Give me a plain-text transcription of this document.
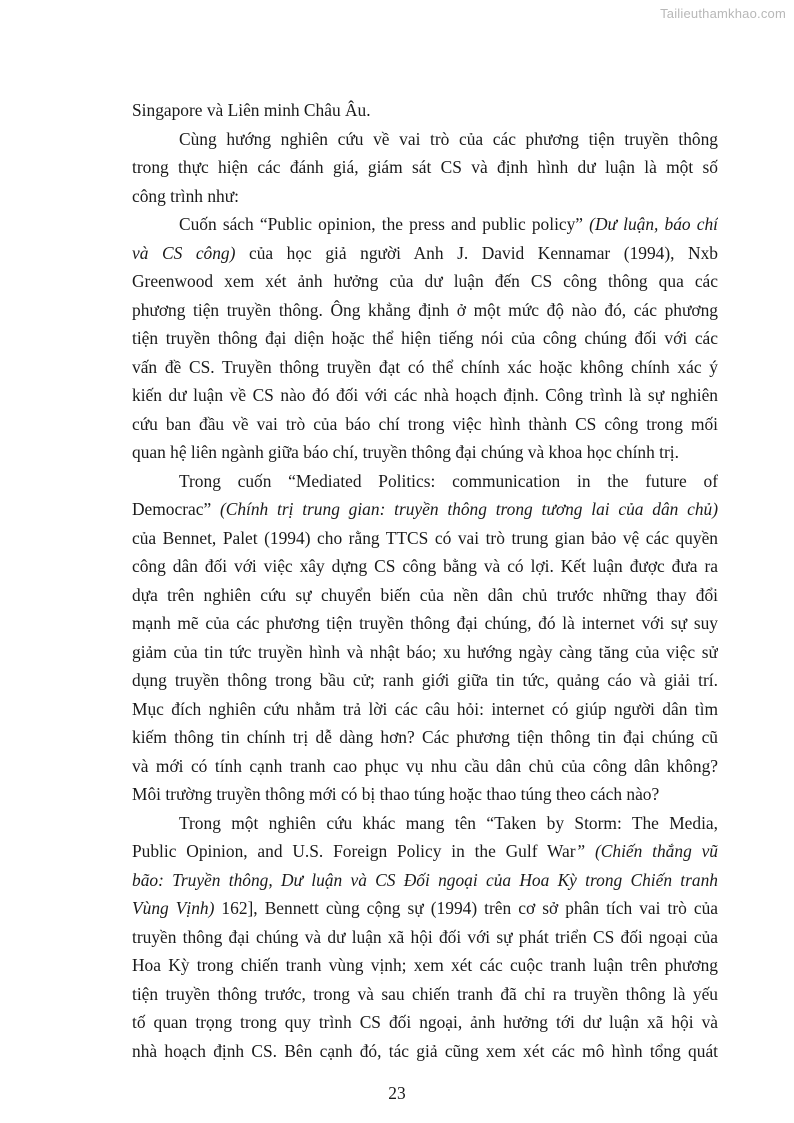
Tailieuthamkhao.com
Singapore và Liên minh Châu Âu.
Cùng hướng nghiên cứu về vai trò của các phương tiện truyền thông
trong thực hiện các đánh giá, giám sát CS và định hình dư luận là một số
công trình như:
Cuốn sách “Public opinion, the press and public policy” (Dư luận, báo chí
và CS công) của học giả người Anh J. David Kennamar (1994), Nxb
Greenwood xem xét ảnh hưởng của dư luận đến CS công thông qua các
phương tiện truyền thông. Ông khẳng định ở một mức độ nào đó, các phương
tiện truyền thông đại diện hoặc thể hiện tiếng nói của công chúng đối với các
vấn đề CS. Truyền thông truyền đạt có thể chính xác hoặc không chính xác ý
kiến dư luận về CS nào đó đối với các nhà hoạch định. Công trình là sự nghiên
cứu ban đầu về vai trò của báo chí trong việc hình thành CS công trong mối
quan hệ liên ngành giữa báo chí, truyền thông đại chúng và khoa học chính trị.
Trong cuốn “Mediated Politics: communication in the future of
Democrac” (Chính trị trung gian: truyền thông trong tương lai của dân chủ)
của Bennet, Palet (1994) cho rằng TTCS có vai trò trung gian bảo vệ các quyền
công dân đối với việc xây dựng CS công bằng và có lợi. Kết luận được đưa ra
dựa trên nghiên cứu sự chuyển biến của nền dân chủ trước những thay đổi
mạnh mẽ của các phương tiện truyền thông đại chúng, đó là internet với sự suy
giảm của tin tức truyền hình và nhật báo; xu hướng ngày càng tăng của việc sử
dụng truyền thông trong bầu cử; ranh giới giữa tin tức, quảng cáo và giải trí.
Mục đích nghiên cứu nhằm trả lời các câu hỏi: internet có giúp người dân tìm
kiếm thông tin chính trị dễ dàng hơn? Các phương tiện thông tin đại chúng cũ
và mới có tính cạnh tranh cao phục vụ nhu cầu dân chủ của công dân không?
Môi trường truyền thông mới có bị thao túng hoặc thao túng theo cách nào?
Trong một nghiên cứu khác mang tên “Taken by Storm: The Media,
Public Opinion, and U.S. Foreign Policy in the Gulf War” (Chiến thắng vũ
bão: Truyền thông, Dư luận và CS Đối ngoại của Hoa Kỳ trong Chiến tranh
Vùng Vịnh) 162], Bennett cùng cộng sự (1994) trên cơ sở phân tích vai trò của
truyền thông đại chúng và dư luận xã hội đối với sự phát triển CS đối ngoại của
Hoa Kỳ trong chiến tranh vùng vịnh; xem xét các cuộc tranh luận trên phương
tiện truyền thông trước, trong và sau chiến tranh đã chỉ ra truyền thông là yếu
tố quan trọng trong quy trình CS đối ngoại, ảnh hưởng tới dư luận xã hội và
nhà hoạch định CS. Bên cạnh đó, tác giả cũng xem xét các mô hình tổng quát
23
